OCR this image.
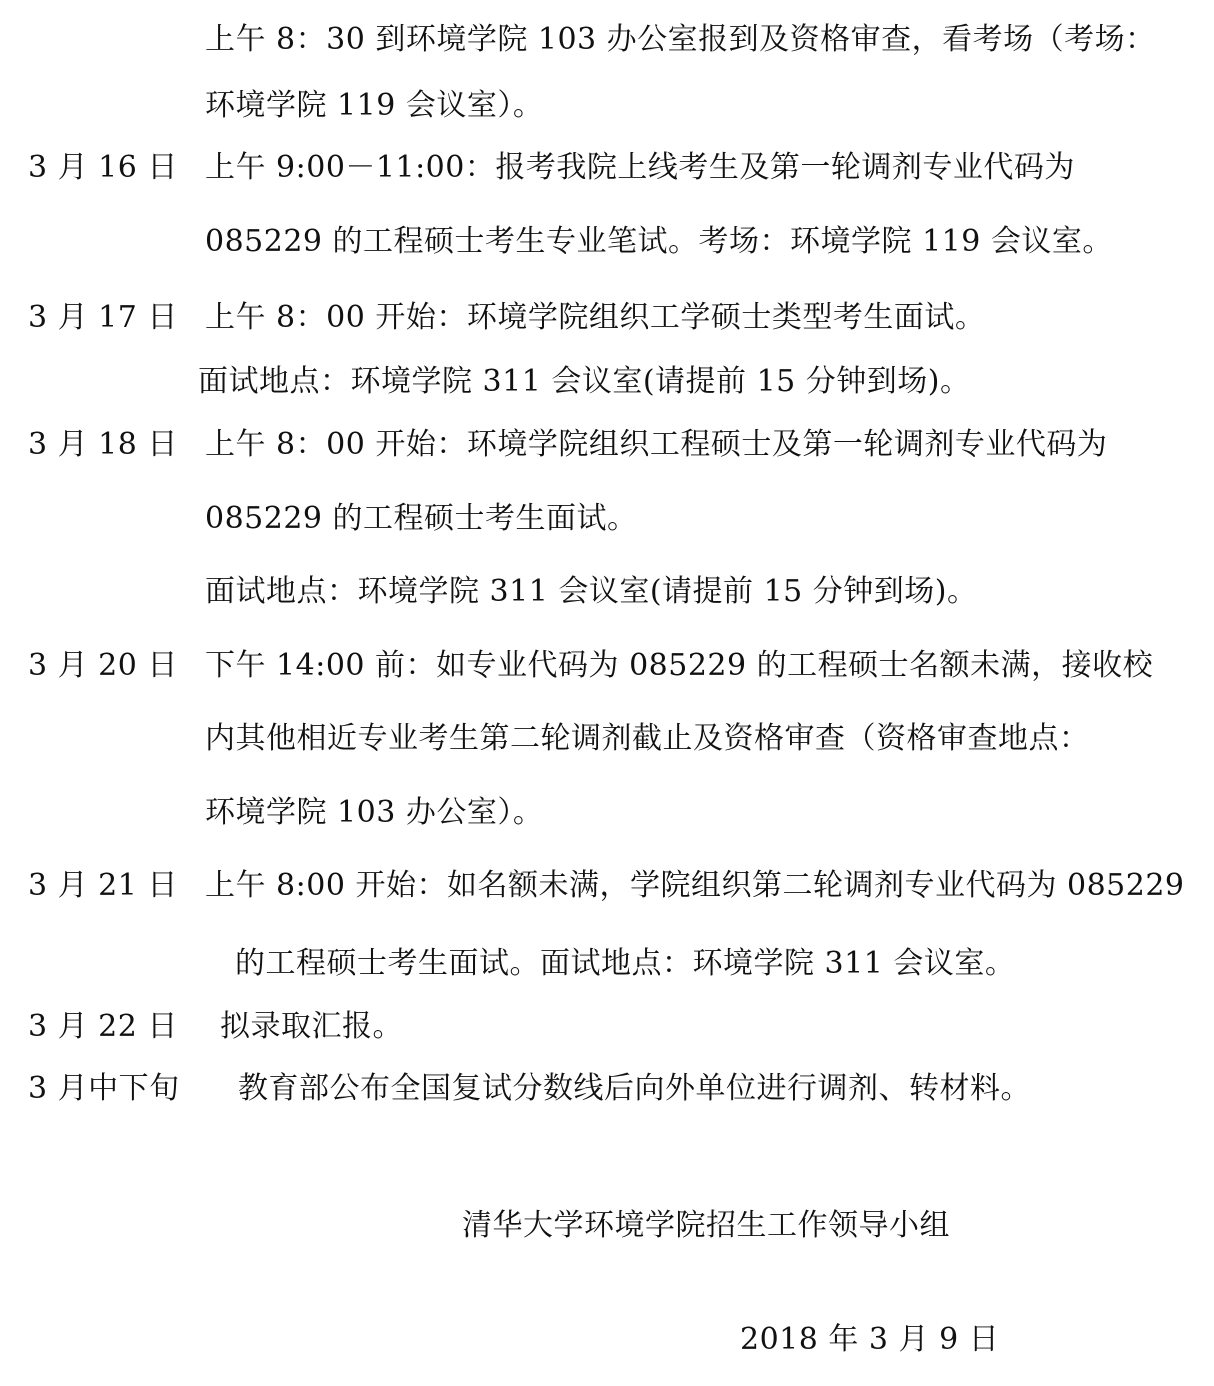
上午 8：30 到环境学院 103 办公室报到及资格审查，看考场（考场：
环境学院 119 会议室）。
3 月 16 日 上午 9:00－11:00：报考我院上线考生及第一轮调剂专业代码为
085229 的工程硕士考生专业笔试。考场：环境学院 119 会议室。
3 月 17 日 上午 8：00 开始：环境学院组织工学硕士类型考生面试。
面试地点：环境学院 311 会议室(请提前 15 分钟到场)。
3 月 18 日 上午 8：00 开始：环境学院组织工程硕士及第一轮调剂专业代码为
085229 的工程硕士考生面试。
面试地点：环境学院 311 会议室(请提前 15 分钟到场)。
3 月 20 日 下午 14:00 前：如专业代码为 085229 的工程硕士名额未满，接收校
内其他相近专业考生第二轮调剂截止及资格审查（资格审查地点：
环境学院 103 办公室）。
3 月 21 日 上午 8:00 开始：如名额未满，学院组织第二轮调剂专业代码为 085229
的工程硕士考生面试。面试地点：环境学院 311 会议室。
3 月 22 日 拟录取汇报。
3 月中下旬 教育部公布全国复试分数线后向外单位进行调剂、转材料。
清华大学环境学院招生工作领导小组
2018 年 3 月 9 日
